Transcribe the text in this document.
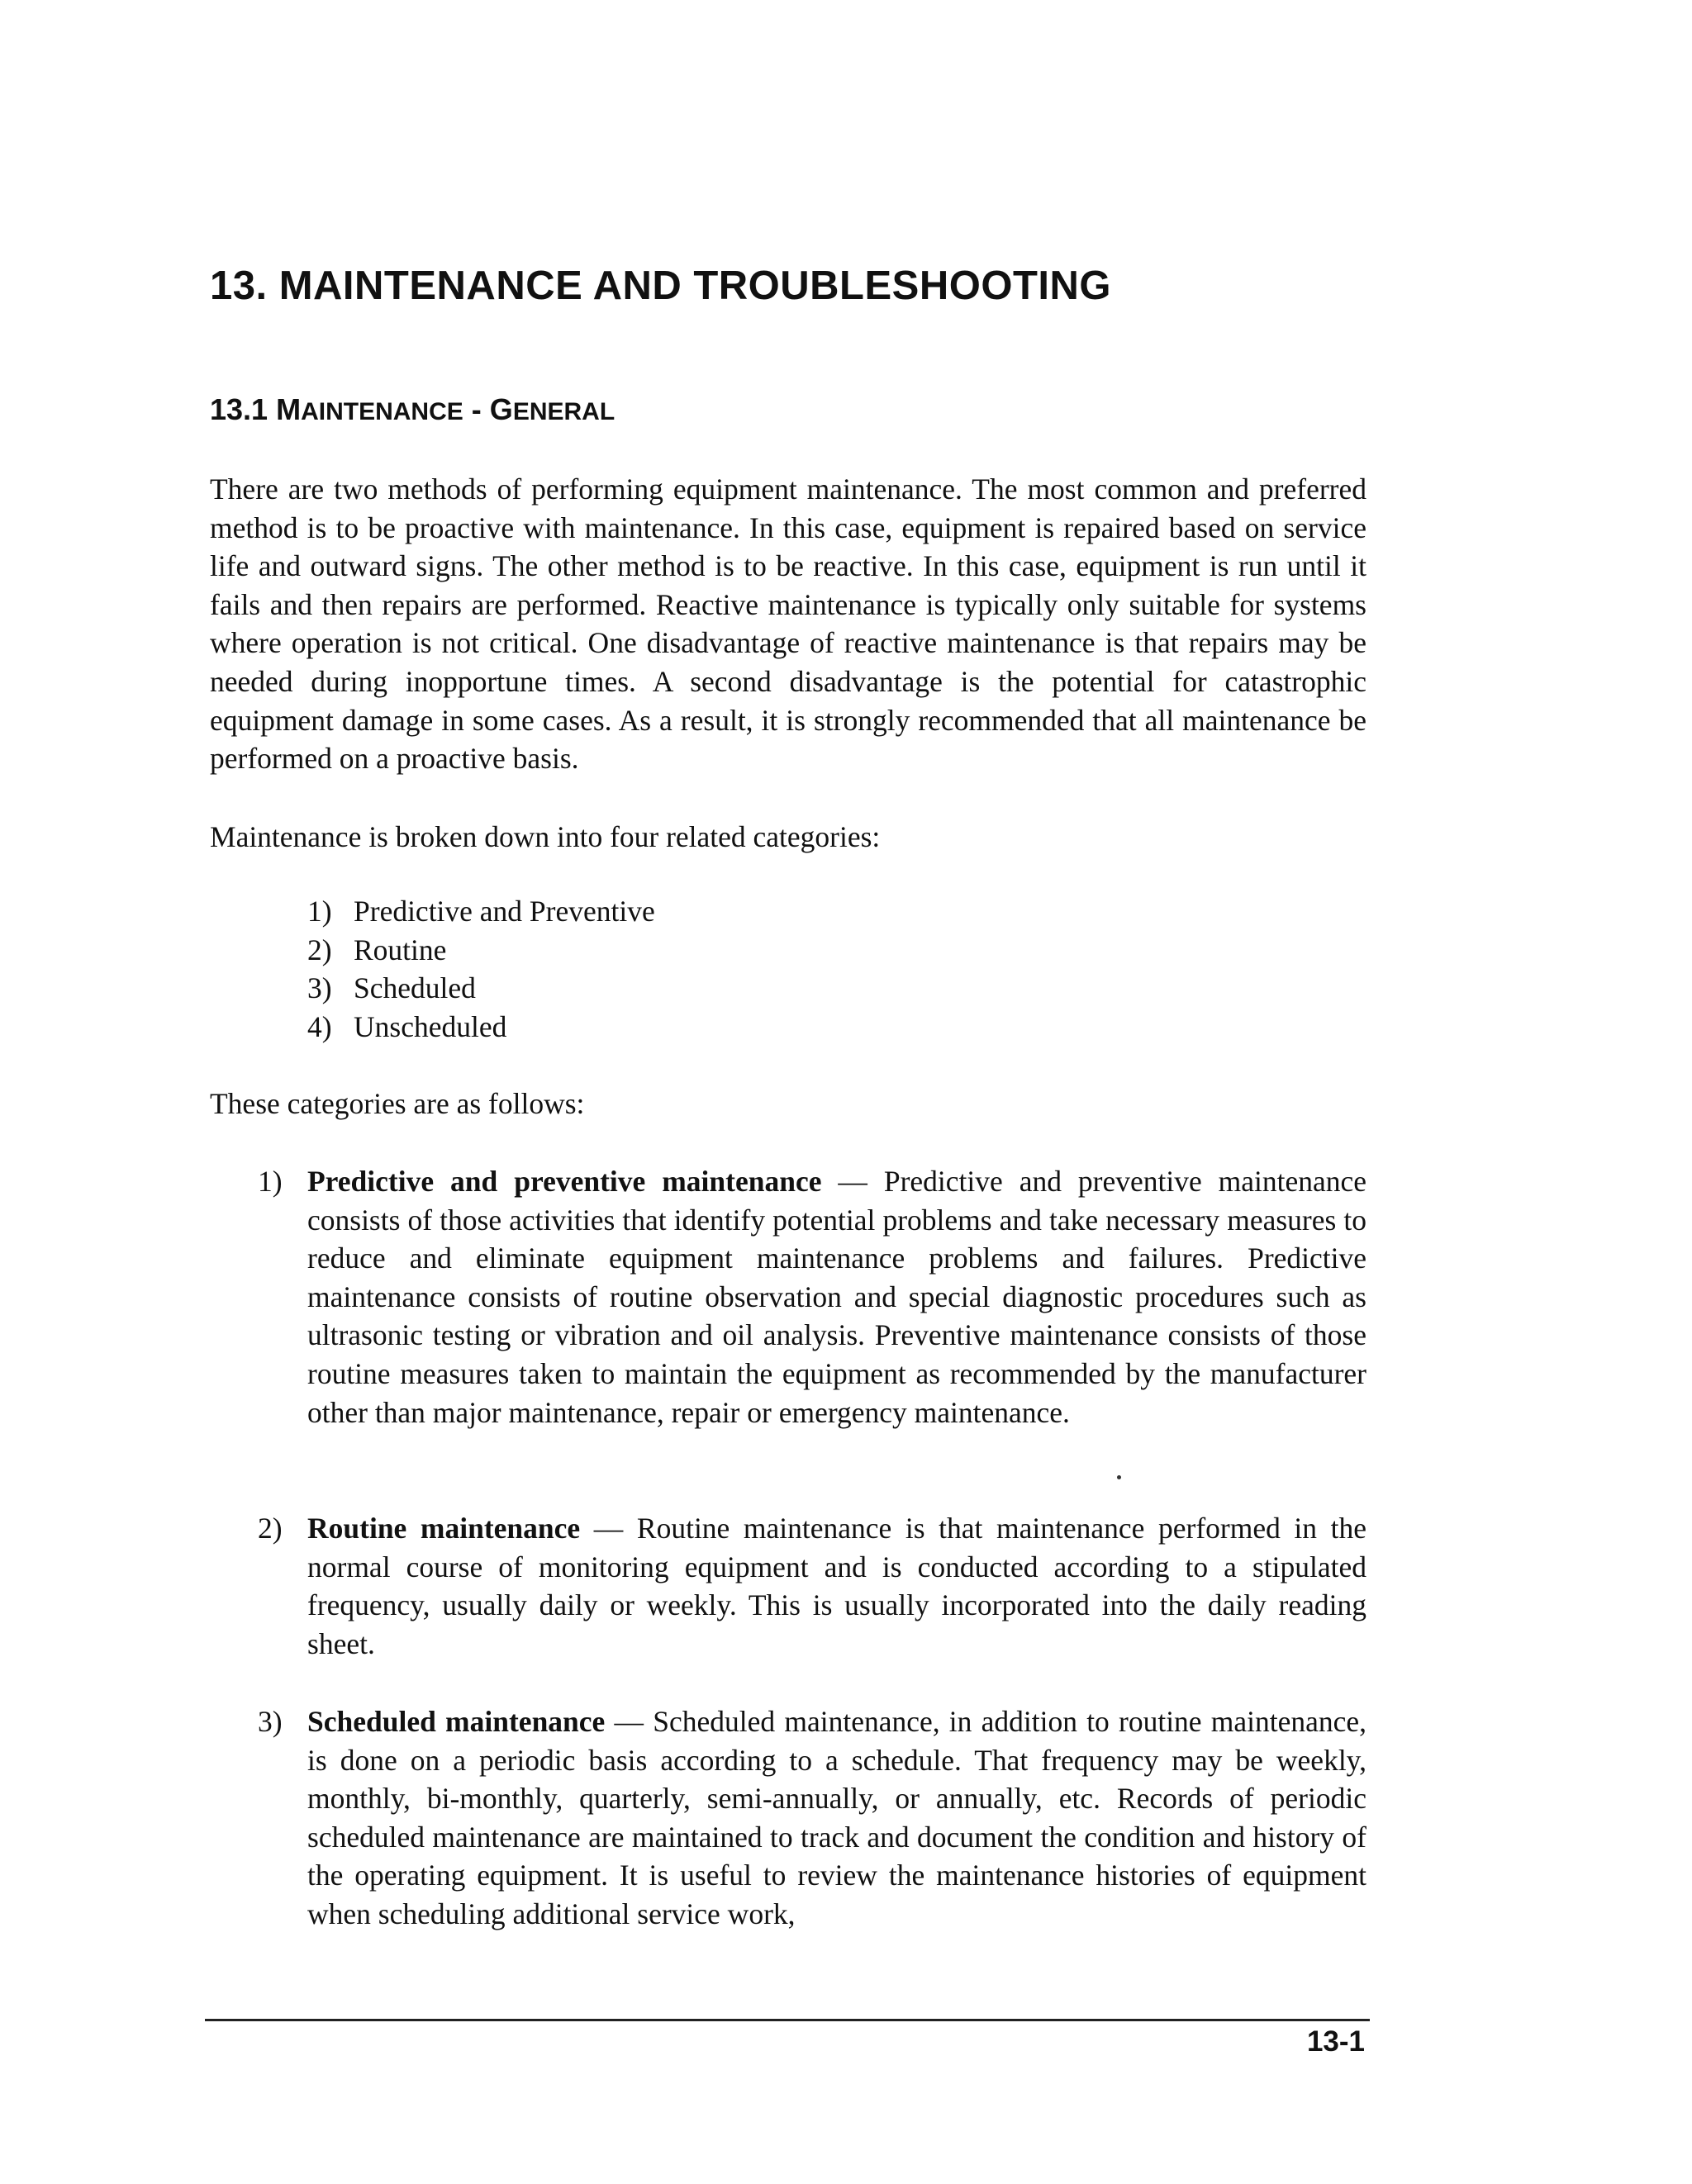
13. MAINTENANCE AND TROUBLESHOOTING
13.1 MAINTENANCE - GENERAL

There are two methods of performing equipment maintenance. The most common and preferred method is to be proactive with maintenance. In this case, equipment is repaired based on service life and outward signs. The other method is to be reactive. In this case, equipment is run until it fails and then repairs are performed. Reactive maintenance is typically only suitable for systems where operation is not critical. One disadvantage of reactive maintenance is that repairs may be needed during inopportune times. A second disadvantage is the potential for catastrophic equipment damage in some cases. As a result, it is strongly recommended that all maintenance be performed on a proactive basis.

Maintenance is broken down into four related categories:

1) Predictive and Preventive
2) Routine
3) Scheduled
4) Unscheduled

These categories are as follows:

1) Predictive and preventive maintenance — Predictive and preventive maintenance consists of those activities that identify potential problems and take necessary measures to reduce and eliminate equipment maintenance problems and failures. Predictive maintenance consists of routine observation and special diagnostic procedures such as ultrasonic testing or vibration and oil analysis. Preventive maintenance consists of those routine measures taken to maintain the equipment as recommended by the manufacturer other than major maintenance, repair or emergency maintenance.
2) Routine maintenance — Routine maintenance is that maintenance performed in the normal course of monitoring equipment and is conducted according to a stipulated frequency, usually daily or weekly. This is usually incorporated into the daily reading sheet.
3) Scheduled maintenance — Scheduled maintenance, in addition to routine maintenance, is done on a periodic basis according to a schedule. That frequency may be weekly, monthly, bi-monthly, quarterly, semi-annually, or annually, etc. Records of periodic scheduled maintenance are maintained to track and document the condition and history of the operating equipment. It is useful to review the maintenance histories of equipment when scheduling additional service work,

13-1
